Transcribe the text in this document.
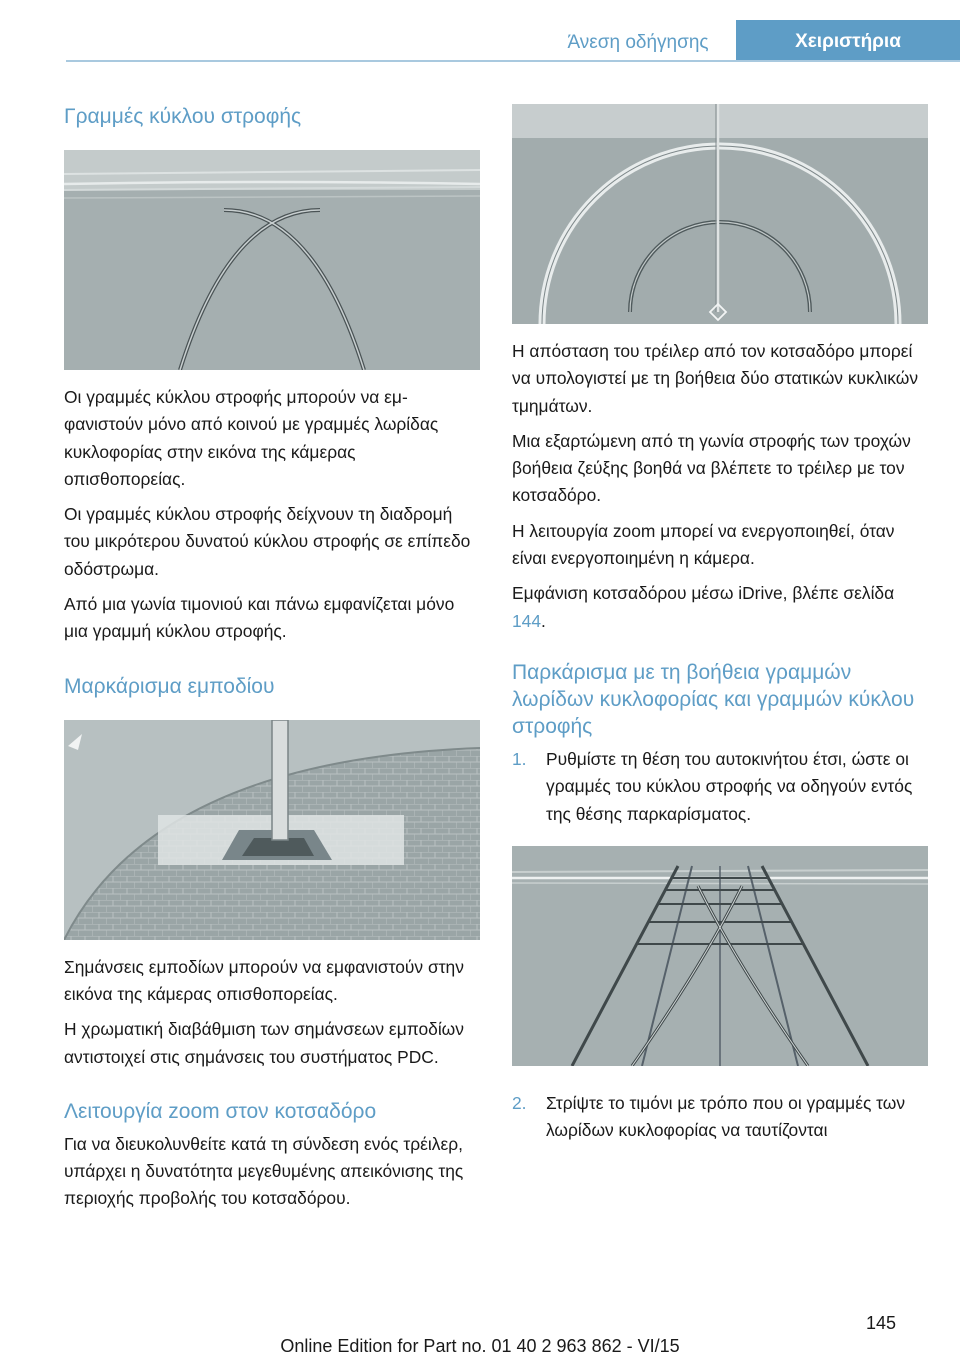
Άνεση οδήγησης	Χειριστήρια
Γραμμές κύκλου στροφής

Οι γραμμές κύκλου στροφής μπορούν να εμφανιστούν μόνο από κοινού με γραμμές λωρίδας κυκλοφορίας στην εικόνα της κάμερας οπισθοπορείας.

Οι γραμμές κύκλου στροφής δείχνουν τη διαδρομή του μικρότερου δυνατού κύκλου στροφής σε επίπεδο οδόστρωμα.

Από μια γωνία τιμονιού και πάνω εμφανίζεται μόνο μια γραμμή κύκλου στροφής.

Μαρκάρισμα εμποδίου

Σημάνσεις εμποδίων μπορούν να εμφανιστούν στην εικόνα της κάμερας οπισθοπορείας.

Η χρωματική διαβάθμιση των σημάνσεων εμποδίων αντιστοιχεί στις σημάνσεις του συστήματος PDC.

Λειτουργία zoom στον κοτσαδόρο

Για να διευκολυνθείτε κατά τη σύνδεση ενός τρέιλερ, υπάρχει η δυνατότητα μεγεθυμένης απεικόνισης της περιοχής προβολής του κοτσαδόρου.

Η απόσταση του τρέιλερ από τον κοτσαδόρο μπορεί να υπολογιστεί με τη βοήθεια δύο στατικών κυκλικών τμημάτων.

Μια εξαρτώμενη από τη γωνία στροφής των τροχών βοήθεια ζεύξης βοηθά να βλέπετε το τρέιλερ με τον κοτσαδόρο.

Η λειτουργία zoom μπορεί να ενεργοποιηθεί, όταν είναι ενεργοποιημένη η κάμερα.

Εμφάνιση κοτσαδόρου μέσω iDrive, βλέπε σελίδα 144.

Παρκάρισμα με τη βοήθεια γραμμών λωρίδων κυκλοφορίας και γραμμών κύκλου στροφής
1. Ρυθμίστε τη θέση του αυτοκινήτου έτσι, ώστε οι γραμμές του κύκλου στροφής να οδηγούν εντός της θέσης παρκαρίσματος.
2. Στρίψτε το τιμόνι με τρόπο που οι γραμμές των λωρίδων κυκλοφορίας να ταυτίζονται
145
Online Edition for Part no. 01 40 2 963 862 - VI/15
